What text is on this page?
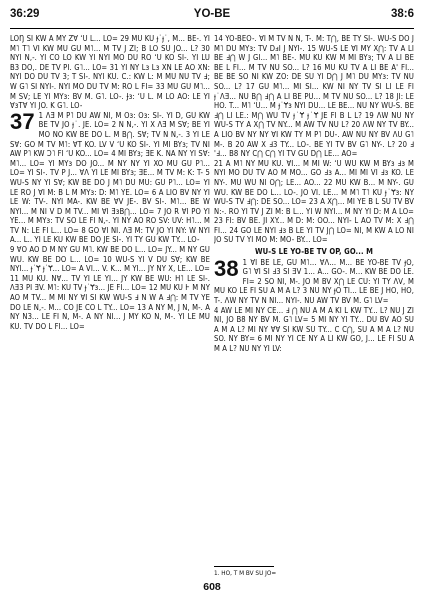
36:29	YO-BE	38:6

LOŊ SI KW A MY ZⱯ ʻU L... LO= 29 MU KU ɟ˙ɟ˙, M... BE-. YI M˥ T˥ VI KW MU GU M˥... M TV J ZI; B LO SU JO... L? 30 NYI N,-. YI CO LO KW YI NYI MO DU RO ʻU KO SI-. YI LU B3 DO,. DE TV PI. G˥... LO= 31 YI NY Lɜ Lɜ XN LE AO XN: NYI DO DU TV 3; T SI-. NYI KU. C.: KW L: M MU NU TV Ⅎ; W G˥ SI NYI-. NYI MO DU TV M: RO L FI= 33 MU GU M˥... M SV; LE YI MYɜ: BV M. G˥. LO-. Ɉɜ: ʻU L. M LO AO: LE YI ⱯɜTⱯ YI JO. K G˥. LO-

37 1 ɅƎ M P˥ DU AW NI, M Oɜ: Oɜ: SI-. YI D, GU KW BE TV JO ɟ˙. JE. LO= 2 N N,-. YI X ɅƎ M SⱯ; BE YI MO NO KW BE DO L. M B⋂. SⱯ; TV N N,-. 3 YI LE SⱯ: GO M TV M˥: ⱯT KO. LV V ʻU KO SI-. YI MI BYɜ; TV NI AW P˥ KW Ɔ˥ FI ʻU KO... LO= 4 MI BYɜ; ƎE K. NA NY YI SⱯ: M˥... LO= YI MYɜ DO JO... M NY NY YI XO MU GU P˥... LO= YI SI-. TV P J... ⱯɅ YI LE MI BYɜ; ƎE... M TV M: K: T- 5 WU-S NY YI SⱯ; KW BE DO J M˥ DU MU: GU P˥... LO= YI LE RO J ⱯI M: B L M MYɜ: D: M˥ YE. LO= 6 A LIO BV NY YI LE W: TV-. NYI MA-. KW BE ⱯV JE-. BV SI-. M˥... BE W NYI... M NI V D M TV... MI ⱯI ƎɜB⋂... LO= 7 JO R ⱯI PO YI YE... M MYɜ: TV SO LE FI N,-. YI NY AO RO SV: UV: H˥... M TV N: LE FI L... LO= 8 GO ⱯI NI. ɅƎ M: TV JO YI NY: W NYI A... L.. YI LE KU KW BE DO JE SI-. YI TY GU KW TY... LO-

9 ⱯO AO D M NY GU M˥. KW BE DO L... LO= JY... M NY GU WU. KW BE DO L... LO= 10 WU-S YI V DU SⱯ; KW BE NYI... ɟ˙Ɏ ɟ˙Ɏ... LO= A VI... V. K... M YI... JY NY X, LE... LO= 11 MU KU. NⱯ... TV YI LE YI... JY KW BE WU: H˥ LE SI-. ɅƎ3 PI ƎV. M˥: KU TV ɟ˙Ɏɜ... JE FI... LO= 12 MU KU Ⱶ M NY AO M TV... M MI NY ⱯI SI KW WU-S Ⅎ N W A Ⅎ⋂: M TV YE DO LE N,-. M... CO JE CO L TY... LO= 13 A NY M, J N, M-. A NY N3... LE FI N, M-. A NY NI... J MY KO N, M-. YI LE MU KU. TV DO L FI... LO=

14 YO-BEO-. ⱯI M TV N N, T-. M: T⋂, BE TY SI-. WU-S DO J M˥ DU MYɜ: TV DⅎI J NYI-. 15 WU-S LE ⱯI MY X⋂: TV A LI BE Ⅎ⋂ W J GI... M˥ BE-. MU KU KW M MI BYɜ; TV A LI BE BE L FI... M TV NU SO... L? 16 MU KU TV A LI BE A' FI... BE BE SO NI KW ZO: DE SU YI D⋂ J M˥ DU MYɜ: TV NU SO... L? 17 GU M˥... MI SI... KW NI NY TV SI LI LE FI ɟ˙ɅƎ... NU B⋂ Ⅎ⋂ A LI BE PU... M TV NU SO... L? 18 JI: LE HO. T... M˥ ʻU... M ɟ˙Ɏɜ NYI DU... LE BE... NU NY WU-S. BE Ⅎ⋂ LI LE.: M⋂ WU TV ɟ˙Ɏ ɟ˙Ɏ JE FI B L L? 19 ɅW NU NY WU-S TY A X⋂ TV NY... M AW TV NU L? 20 ɅW NY TV BY... A LIO BV NY NY ⱯI KW TY M P˥ DU-. AW NU NY BV ɅU G˥ M-. B 20 AW X Ⅎ3 TY... LO-. BE YI TV BV G˥ NY-. L? 20 Ⅎ 'Ⅎ... B8 NY C⋂ C⋂ YI TV GU D⋂ LE... AO=

21 A M˥ NY MU KU. ⱯI... M MI W: ʻU WU KW M BYɜ Ⅎɜ M NYI MO DU TV AO M MO... GO Ⅎɜ A... MI MI VI Ⅎɜ KO. LE NY-. MU WU NI O⋂; LE... AO... 22 MU KW B... M NY-. GU WU. KW BE DO L... LO-. JO VI. LE... M M˥ T˥ KU ɟ˙Ɏɜ: NY WU-S TV Ⅎ⋂: DE SO... LO= 23 A X⋂... MI YE B L SU TV BV N:-. RO YI TV J ZI M: B L... YI W NYI... M NY YI D: M A LO= 23 FI: BV BE. JI XY... M D: M: OO... NYI- L AO TV M: X Ⅎ⋂ FI... 24 GO LE NYI Ⅎɜ B LE YI TV J⋂ LO= NI, M KW A LO NI JO SU TV YI MO M: MO- BY... LO=

WU-S LE YO-BE TV OP, GO... M

38 1 ⱯI BE LE, GU M˥... ⱯɅ... M... BE YO-BE TV ɟO, G˥ ⱯI SI Ⅎ3 SI ƎV 1... A... GO-. M... KW BE DO LE. FI= 2 SO NI, M-. JO M BV X⋂ LE CU: YI TY ɅV, M MU KO LE FI SU A M A L? 3 NU NY ɟO TI... LE BE J HO, HO, T-. ɅW NY TV N NI... NYI-. NU AW TV BV M. G˥ LV=

4 AW LE MI NY CE... Ⅎ ⋂ NU A M A KI L KW TY... L? NU J ZI NI, JO B8 NY BV M. G˥ LV= 5 MI NY YI TY... DU BV AO SU A M A L? MI NY ⱯⱯ SI KW SU TY... C C⋂, SU A M A L? NU SO. NY BY= 6 MI NY YI CE NY A LI KW GO, J... LE FI SU A M A L? NU NY YI LV:

1. HO, T M BV SU JO=
608
